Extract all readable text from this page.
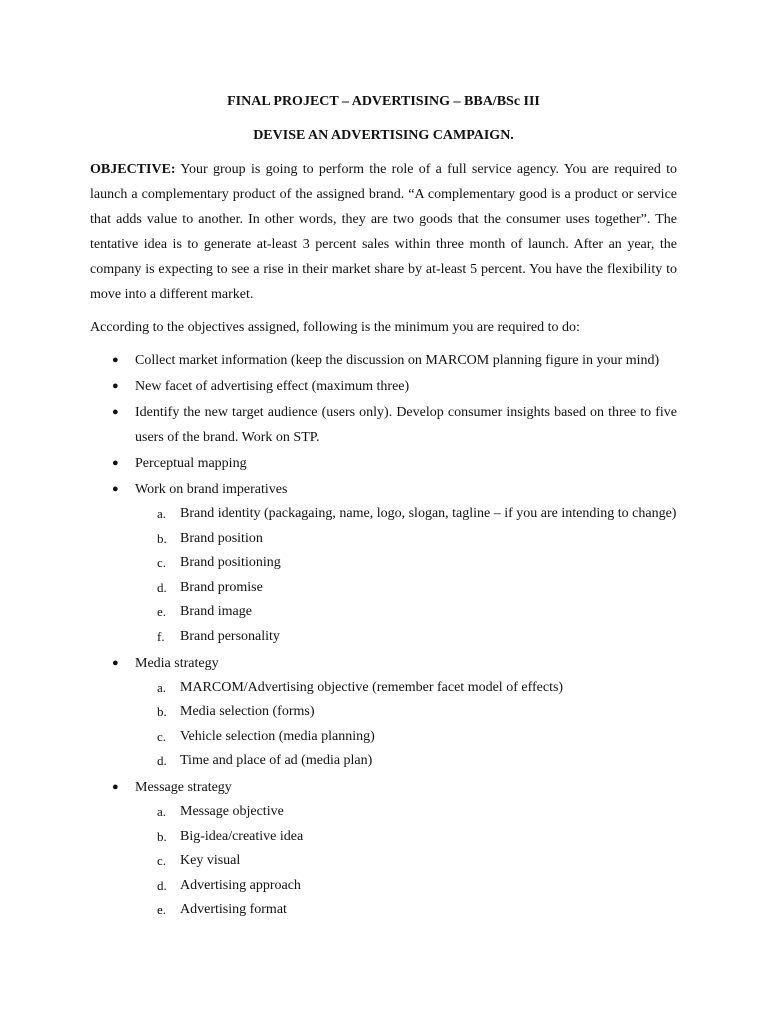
FINAL PROJECT – ADVERTISING – BBA/BSc III

DEVISE AN ADVERTISING CAMPAIGN.

OBJECTIVE: Your group is going to perform the role of a full service agency. You are required to launch a complementary product of the assigned brand. “A complementary good is a product or service that adds value to another. In other words, they are two goods that the consumer uses together”. The tentative idea is to generate at-least 3 percent sales within three month of launch. After an year, the company is expecting to see a rise in their market share by at-least 5 percent. You have the flexibility to move into a different market.

According to the objectives assigned, following is the minimum you are required to do:

● Collect market information (keep the discussion on MARCOM planning figure in your mind)
● New facet of advertising effect (maximum three)
● Identify the new target audience (users only). Develop consumer insights based on three to five users of the brand. Work on STP.
● Perceptual mapping
● Work on brand imperatives
a. Brand identity (packagaing, name, logo, slogan, tagline – if you are intending to change)
b. Brand position
c. Brand positioning
d. Brand promise
e. Brand image
f. Brand personality
● Media strategy
a. MARCOM/Advertising objective (remember facet model of effects)
b. Media selection (forms)
c. Vehicle selection (media planning)
d. Time and place of ad (media plan)
● Message strategy
a. Message objective
b. Big-idea/creative idea
c. Key visual
d. Advertising approach
e. Advertising format
